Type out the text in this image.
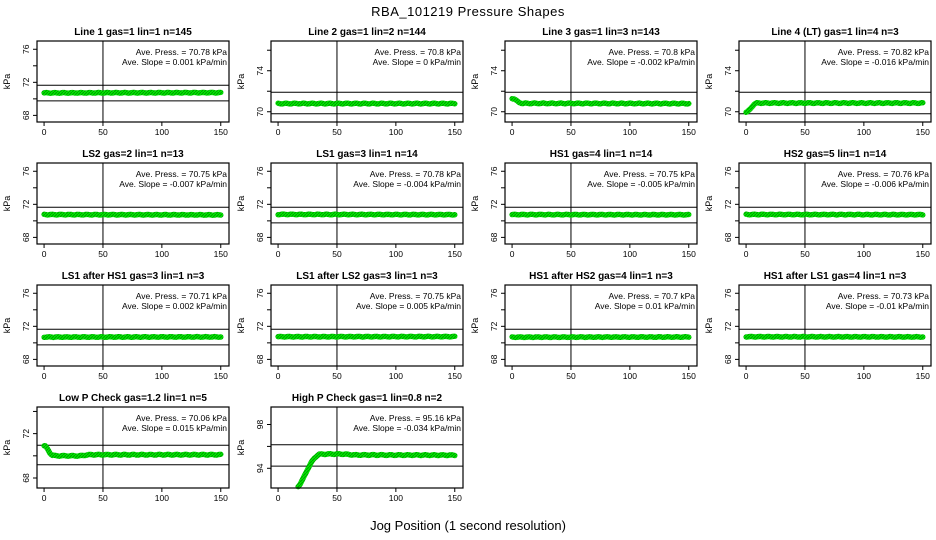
RBA_101219 Pressure Shapes
Line 1 gas=1 lin=1 n=145
0	50	100	150
68
72
76
kPa
Ave. Press. = 70.78 kPa
Ave. Slope = 0.001 kPa/min
Line 2 gas=1 lin=2 n=144
0	50	100	150
70
74
kPa
Ave. Press. = 70.8 kPa
Ave. Slope = 0 kPa/min
Line 3 gas=1 lin=3 n=143
0	50	100	150
70
74
kPa
Ave. Press. = 70.8 kPa
Ave. Slope = -0.002 kPa/min
Line 4 (LT) gas=1 lin=4 n=3
0	50	100	150
70
74
kPa
Ave. Press. = 70.82 kPa
Ave. Slope = -0.016 kPa/min
LS2 gas=2 lin=1 n=13
0	50	100	150
68
72
76
kPa
Ave. Press. = 70.75 kPa
Ave. Slope = -0.007 kPa/min
LS1 gas=3 lin=1 n=14
0	50	100	150
68
72
76
kPa
Ave. Press. = 70.78 kPa
Ave. Slope = -0.004 kPa/min
HS1 gas=4 lin=1 n=14
0	50	100	150
68
72
76
kPa
Ave. Press. = 70.75 kPa
Ave. Slope = -0.005 kPa/min
HS2 gas=5 lin=1 n=14
0	50	100	150
68
72
76
kPa
Ave. Press. = 70.76 kPa
Ave. Slope = -0.006 kPa/min
LS1 after HS1 gas=3 lin=1 n=3
0	50	100	150
68
72
76
kPa
Ave. Press. = 70.71 kPa
Ave. Slope = 0.002 kPa/min
LS1 after LS2 gas=3 lin=1 n=3
0	50	100	150
68
72
76
kPa
Ave. Press. = 70.75 kPa
Ave. Slope = 0.005 kPa/min
HS1 after HS2 gas=4 lin=1 n=3
0	50	100	150
68
72
76
kPa
Ave. Press. = 70.7 kPa
Ave. Slope = 0.01 kPa/min
HS1 after LS1 gas=4 lin=1 n=3
0	50	100	150
68
72
76
kPa
Ave. Press. = 70.73 kPa
Ave. Slope = -0.01 kPa/min
Low P Check gas=1.2 lin=1 n=5
0	50	100	150
68
72
kPa
Ave. Press. = 70.06 kPa
Ave. Slope = 0.015 kPa/min
High P Check gas=1 lin=0.8 n=2
0	50	100	150
94
98
kPa
Ave. Press. = 95.16 kPa
Ave. Slope = -0.034 kPa/min
Jog Position (1 second resolution)
